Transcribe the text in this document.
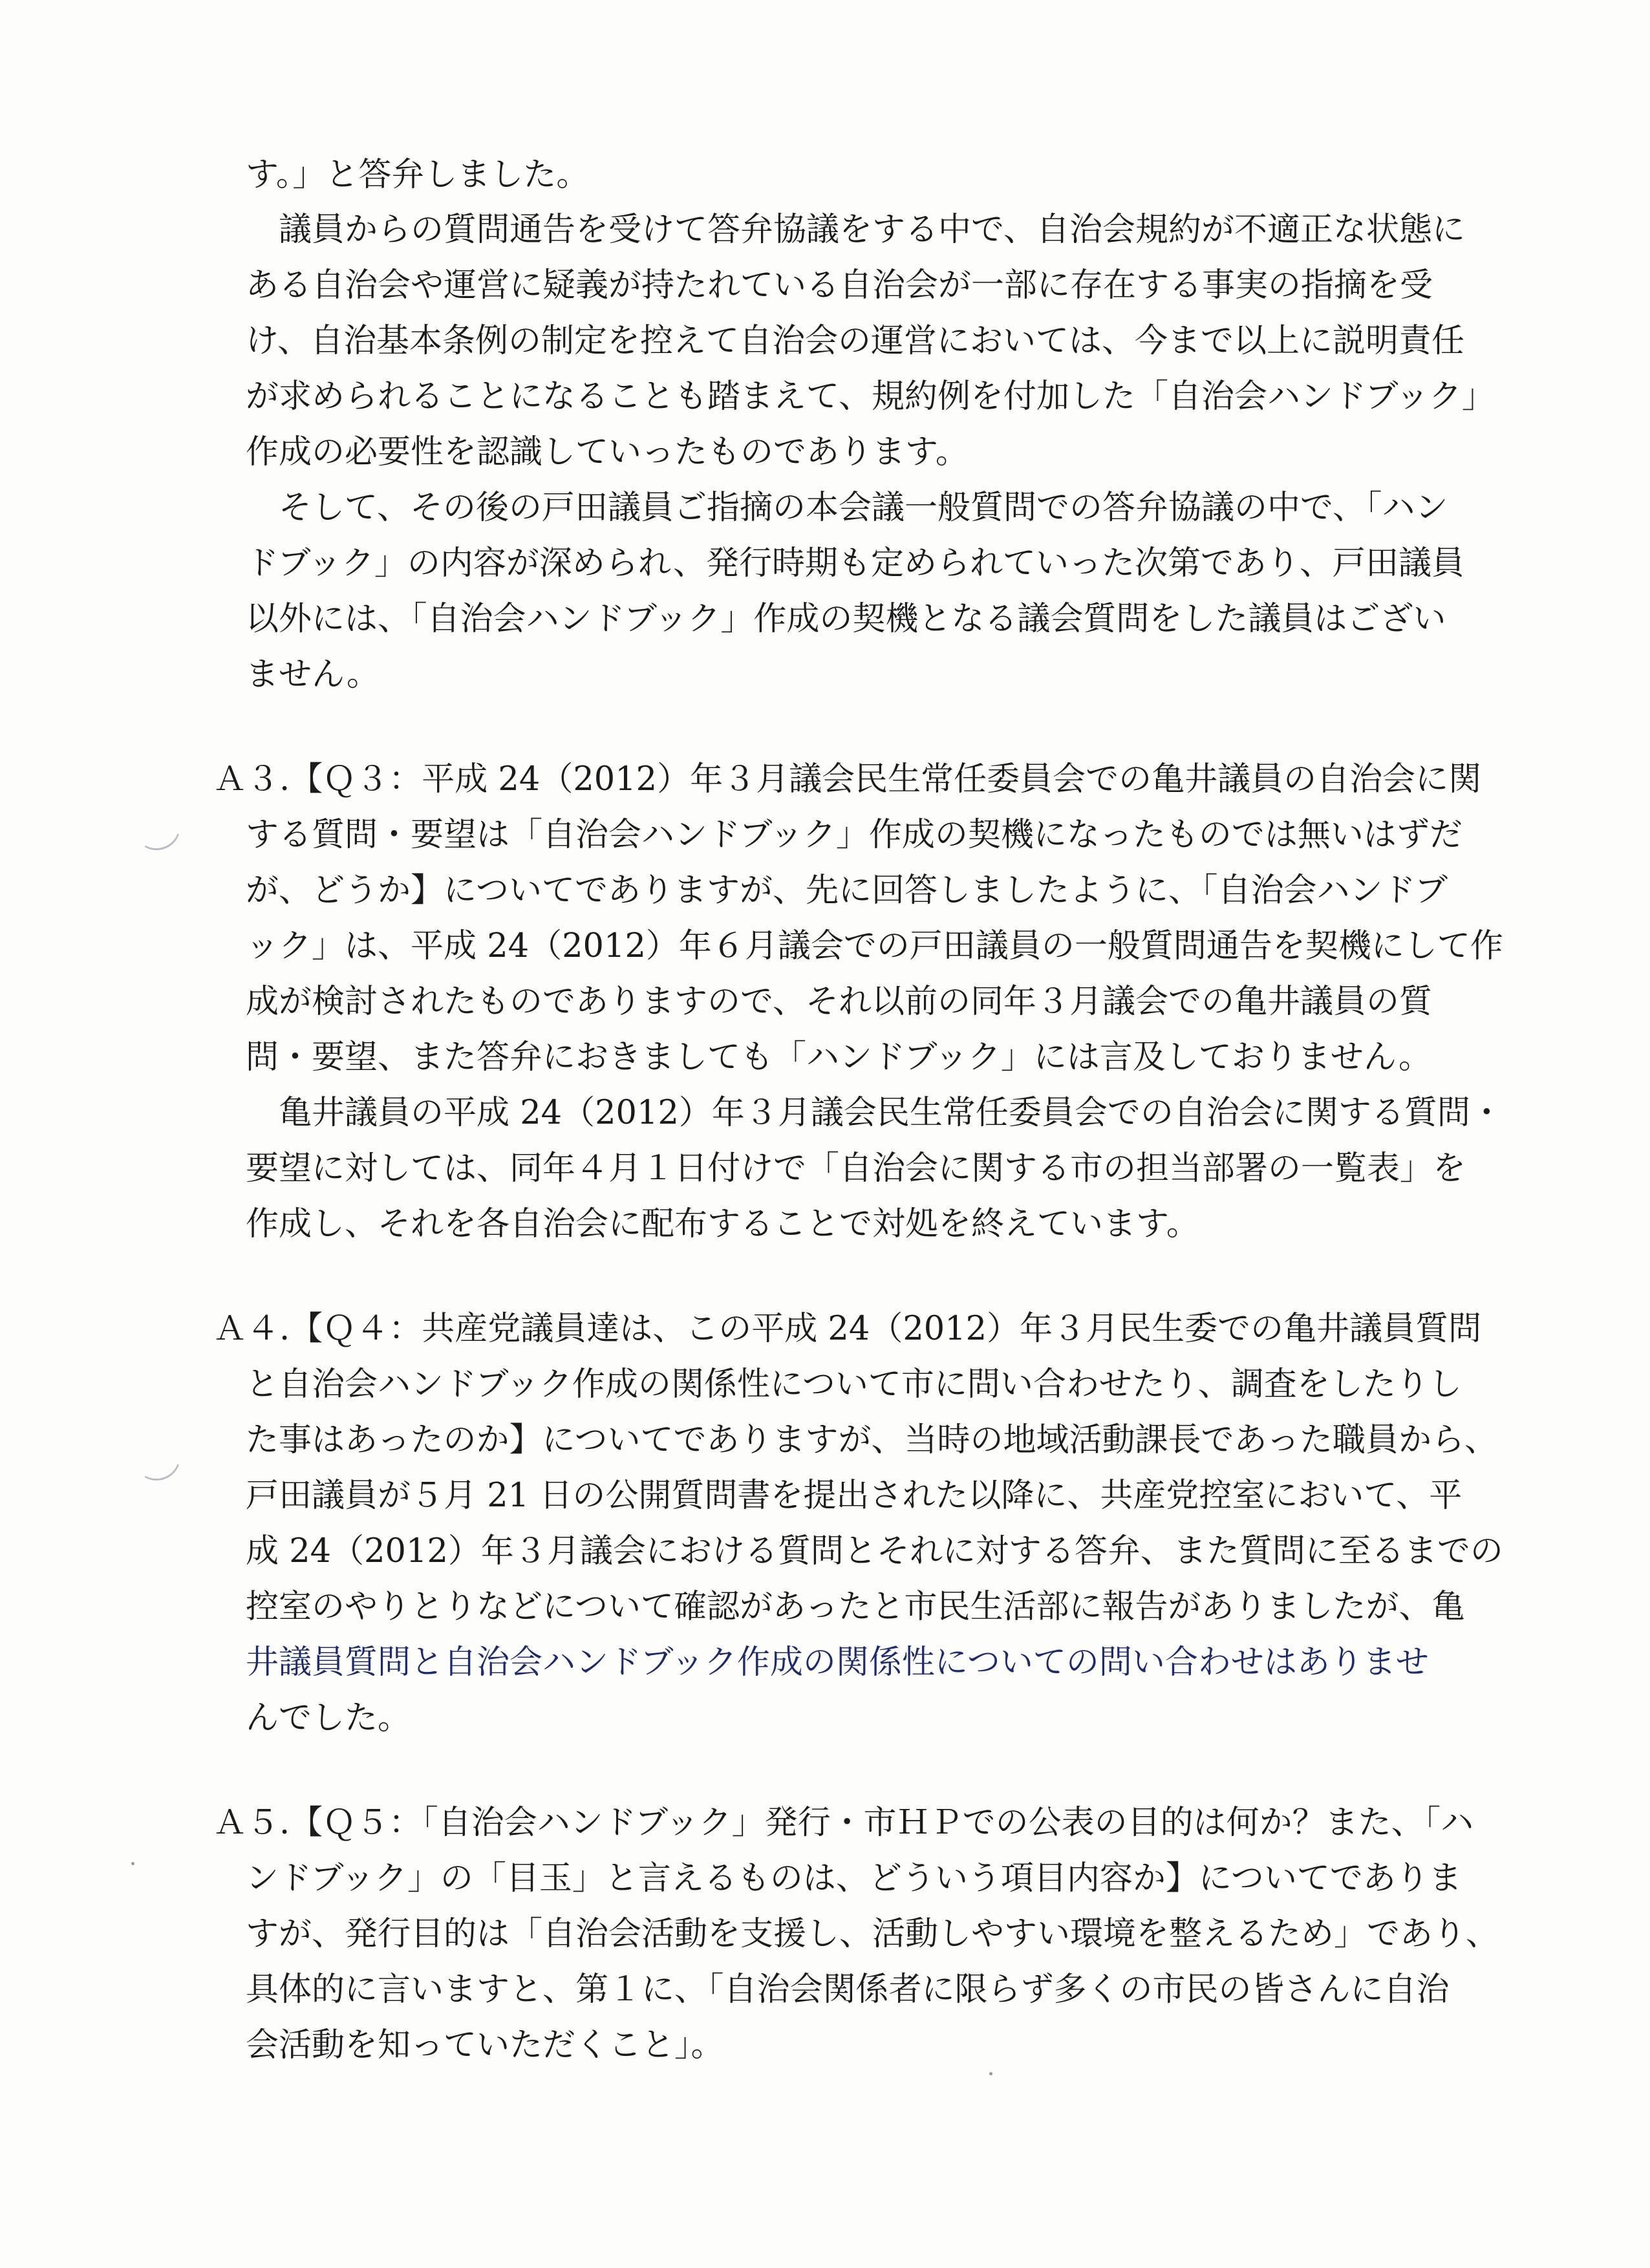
す。」と答弁しました。
　議員からの質問通告を受けて答弁協議をする中で、自治会規約が不適正な状態に
ある自治会や運営に疑義が持たれている自治会が一部に存在する事実の指摘を受
け、自治基本条例の制定を控えて自治会の運営においては、今まで以上に説明責任
が求められることになることも踏まえて、規約例を付加した「自治会ハンドブック」
作成の必要性を認識していったものであります。
　そして、その後の戸田議員ご指摘の本会議一般質問での答弁協議の中で、「ハン
ドブック」の内容が深められ、発行時期も定められていった次第であり、戸田議員
以外には、「自治会ハンドブック」作成の契機となる議会質問をした議員はござい
ません。
Ａ３.【Ｑ３：平成 24（2012）年３月議会民生常任委員会での亀井議員の自治会に関
する質問・要望は「自治会ハンドブック」作成の契機になったものでは無いはずだ
が、どうか】についてでありますが、先に回答しましたように、「自治会ハンドブ
ック」は、平成 24（2012）年６月議会での戸田議員の一般質問通告を契機にして作
成が検討されたものでありますので、それ以前の同年３月議会での亀井議員の質
問・要望、また答弁におきましても「ハンドブック」には言及しておりません。
　亀井議員の平成 24（2012）年３月議会民生常任委員会での自治会に関する質問・
要望に対しては、同年４月１日付けで「自治会に関する市の担当部署の一覧表」を
作成し、それを各自治会に配布することで対処を終えています。
Ａ４.【Ｑ４：共産党議員達は、この平成 24（2012）年３月民生委での亀井議員質問
と自治会ハンドブック作成の関係性について市に問い合わせたり、調査をしたりし
た事はあったのか】についてでありますが、当時の地域活動課長であった職員から、
戸田議員が５月 21 日の公開質問書を提出された以降に、共産党控室において、平
成 24（2012）年３月議会における質問とそれに対する答弁、また質問に至るまでの
控室のやりとりなどについて確認があったと市民生活部に報告がありましたが、亀
井議員質問と自治会ハンドブック作成の関係性についての問い合わせはありませ
んでした。
Ａ５.【Ｑ５：「自治会ハンドブック」発行・市ＨＰでの公表の目的は何か？また、「ハ
ンドブック」の「目玉」と言えるものは、どういう項目内容か】についてでありま
すが、発行目的は「自治会活動を支援し、活動しやすい環境を整えるため」であり、
具体的に言いますと、第１に、「自治会関係者に限らず多くの市民の皆さんに自治
会活動を知っていただくこと」。
